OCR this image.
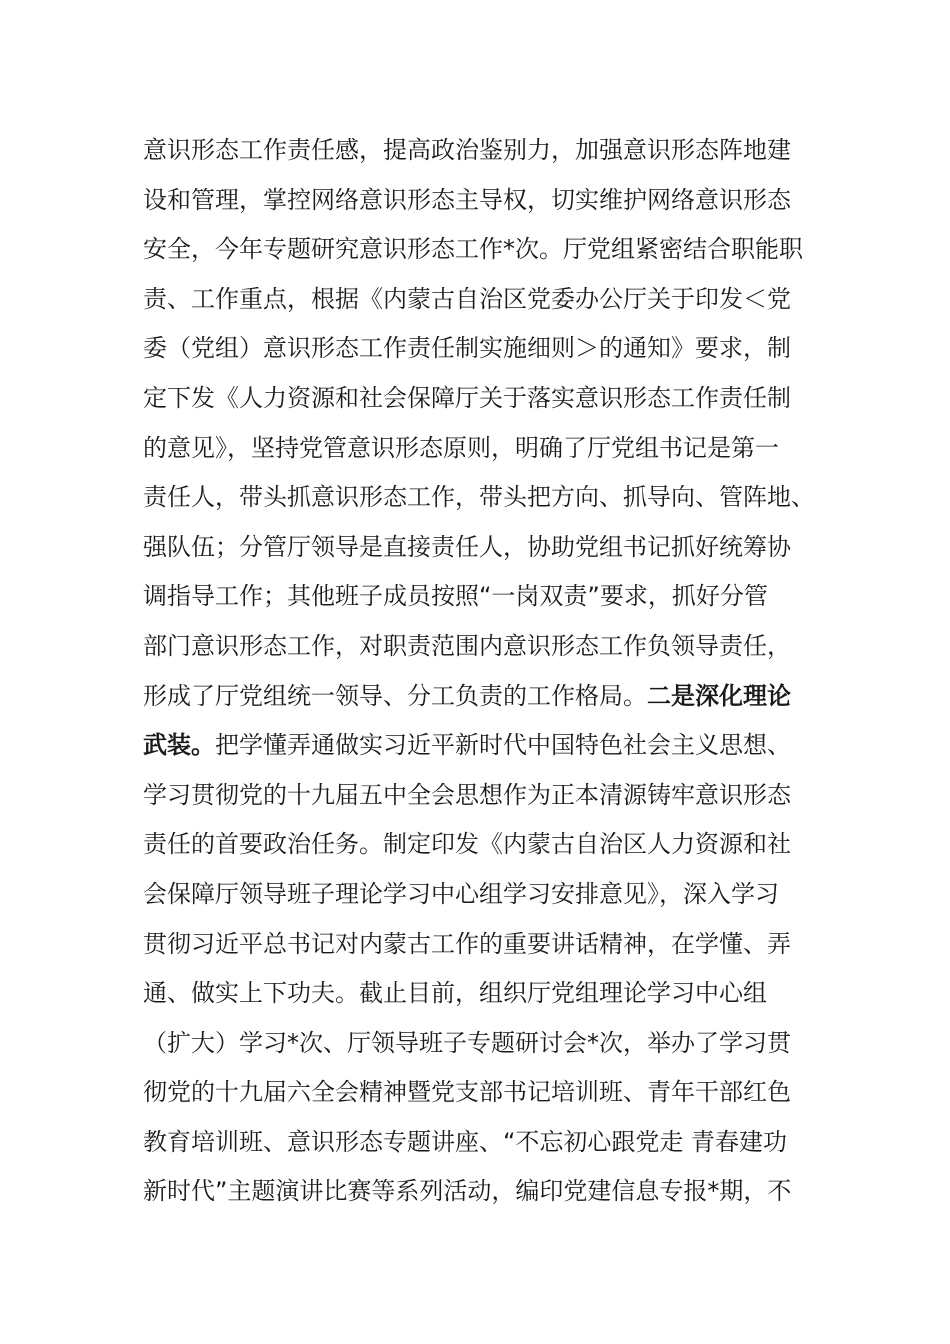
意识形态工作责任感，提高政治鉴别力，加强意识形态阵地建
设和管理，掌控网络意识形态主导权，切实维护网络意识形态
安全，今年专题研究意识形态工作*次。厅党组紧密结合职能职
责、工作重点，根据《内蒙古自治区党委办公厅关于印发＜党
委（党组）意识形态工作责任制实施细则＞的通知》要求，制
定下发《人力资源和社会保障厅关于落实意识形态工作责任制
的意见》，坚持党管意识形态原则，明确了厅党组书记是第一
责任人，带头抓意识形态工作，带头把方向、抓导向、管阵地、
强队伍；分管厅领导是直接责任人，协助党组书记抓好统筹协
调指导工作；其他班子成员按照“一岗双责”要求，抓好分管
部门意识形态工作，对职责范围内意识形态工作负领导责任，
形成了厅党组统一领导、分工负责的工作格局。二是深化理论
武装。把学懂弄通做实习近平新时代中国特色社会主义思想、
学习贯彻党的十九届五中全会思想作为正本清源铸牢意识形态
责任的首要政治任务。制定印发《内蒙古自治区人力资源和社
会保障厅领导班子理论学习中心组学习安排意见》，深入学习
贯彻习近平总书记对内蒙古工作的重要讲话精神，在学懂、弄
通、做实上下功夫。截止目前，组织厅党组理论学习中心组
（扩大）学习*次、厅领导班子专题研讨会*次，举办了学习贯
彻党的十九届六全会精神暨党支部书记培训班、青年干部红色
教育培训班、意识形态专题讲座、“不忘初心跟党走 青春建功
新时代”主题演讲比赛等系列活动，编印党建信息专报*期，不
